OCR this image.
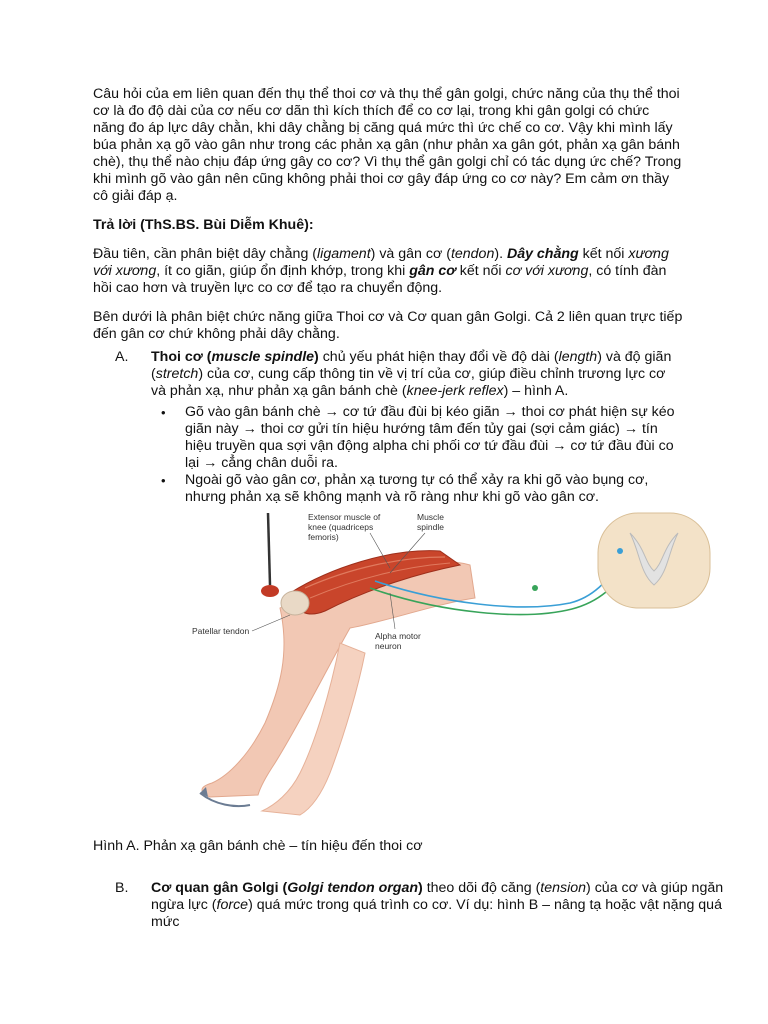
Câu hỏi của em liên quan đến thụ thể thoi cơ và thụ thể gân golgi, chức năng của thụ thể thoi cơ là đo độ dài của cơ nếu cơ dãn thì kích thích để co cơ lại, trong khi gân golgi có chức năng đo áp lực dây chằn, khi dây chằng bị căng quá mức thì ức chế co cơ. Vậy khi mình lấy búa phản xạ gõ vào gân như trong các phản xạ gân (như phản xa gân gót, phản xạ gân bánh chè), thụ thể nào chịu đáp ứng gây co cơ? Vì thụ thể gân golgi chỉ có tác dụng ức chế? Trong khi mình gõ vào gân nên cũng không phải thoi cơ gây đáp ứng co cơ này? Em cảm ơn thầy cô giải đáp ạ.

Trả lời (ThS.BS. Bùi Diễm Khuê):

Đầu tiên, cần phân biệt dây chằng (ligament) và gân cơ (tendon). Dây chằng kết nối xương với xương, ít co giãn, giúp ổn định khớp, trong khi gân cơ kết nối cơ với xương, có tính đàn hồi cao hơn và truyền lực co cơ để tạo ra chuyển động.

Bên dưới là phân biệt chức năng giữa Thoi cơ và Cơ quan gân Golgi. Cả 2 liên quan trực tiếp đến gân cơ chứ không phải dây chằng.

A. Thoi cơ (muscle spindle) chủ yếu phát hiện thay đổi về độ dài (length) và độ giãn (stretch) của cơ, cung cấp thông tin về vị trí của cơ, giúp điều chỉnh trương lực cơ và phản xạ, như phản xạ gân bánh chè (knee-jerk reflex) – hình A.

• Gõ vào gân bánh chè → cơ tứ đầu đùi bị kéo giãn → thoi cơ phát hiện sự kéo giãn này → thoi cơ gửi tín hiệu hướng tâm đến tủy gai (sợi cảm giác) → tín hiệu truyền qua sợi vận động alpha chi phối cơ tứ đầu đùi → cơ tứ đầu đùi co lại → cẳng chân duỗi ra.
• Ngoài gõ vào gân cơ, phản xạ tương tự có thể xảy ra khi gõ vào bụng cơ, nhưng phản xạ sẽ không mạnh và rõ ràng như khi gõ vào gân cơ.
Extensor muscle of
knee (quadriceps
femoris)
Muscle
spindle
Patellar tendon	Alpha motor
neuron

Hình A. Phản xạ gân bánh chè – tín hiệu đến thoi cơ

B. Cơ quan gân Golgi (Golgi tendon organ) theo dõi độ căng (tension) của cơ và giúp ngăn ngừa lực (force) quá mức trong quá trình co cơ. Ví dụ: hình B – nâng tạ hoặc vật nặng quá mức
